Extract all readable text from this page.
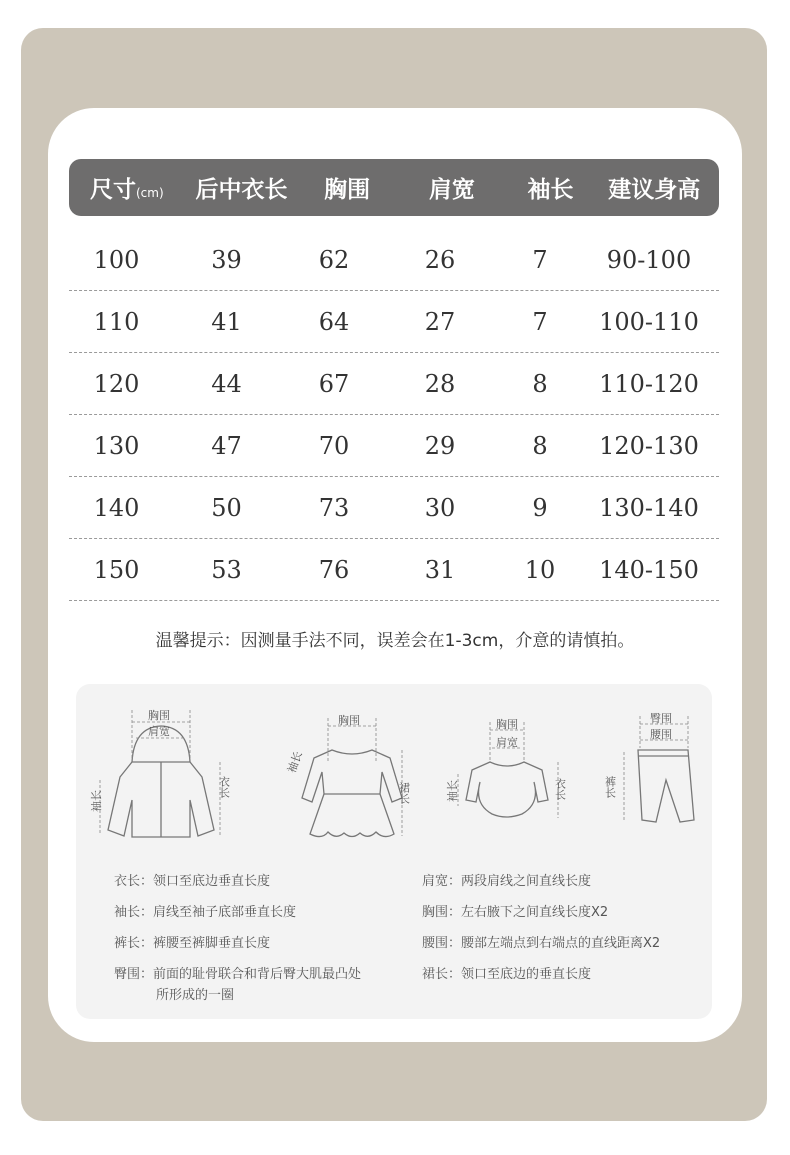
尺寸(cm)	后中衣长	胸围	肩宽	袖长	建议身高
100	39	62	26	7	90-100
110	41	64	27	7	100-110
120	44	67	28	8	110-120
130	47	70	29	8	120-130
140	50	73	30	9	130-140
150	53	76	31	10	140-150
温馨提示：因测量手法不同，误差会在1-3cm，介意的请慎拍。
胸围
肩宽
袖长
衣长
胸围
袖长
裙长
胸围
肩宽
袖长	衣长
臀围
腰围
裤长
衣长：领口至底边垂直长度
袖长：肩线至袖子底部垂直长度
裤长：裤腰至裤脚垂直长度
臀围：前面的耻骨联合和背后臀大肌最凸处
所形成的一圈
肩宽：两段肩线之间直线长度
胸围：左右腋下之间直线长度X2
腰围：腰部左端点到右端点的直线距离X2
裙长：领口至底边的垂直长度
